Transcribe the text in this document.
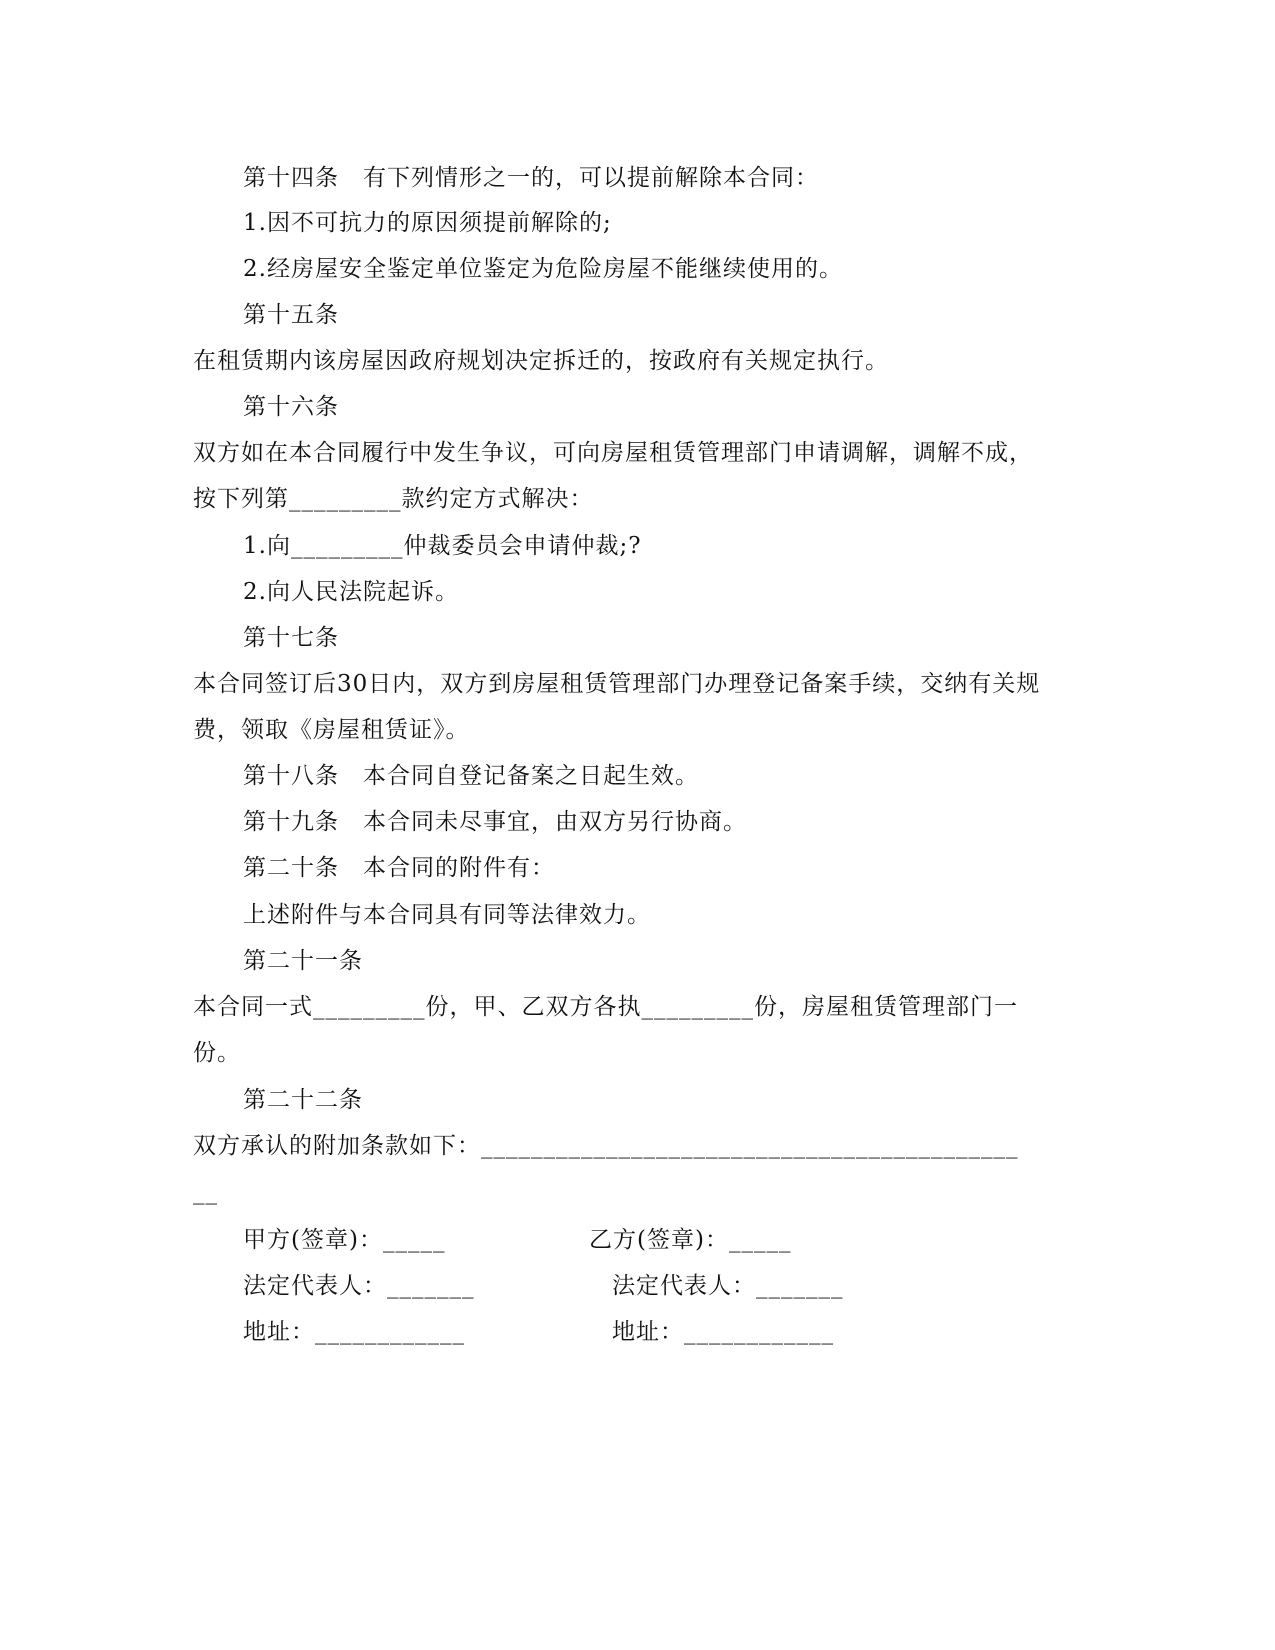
第十四条　有下列情形之一的，可以提前解除本合同：
1.因不可抗力的原因须提前解除的;
2.经房屋安全鉴定单位鉴定为危险房屋不能继续使用的。
第十五条
在租赁期内该房屋因政府规划决定拆迁的，按政府有关规定执行。
第十六条
双方如在本合同履行中发生争议，可向房屋租赁管理部门申请调解，调解不成，
按下列第_________款约定方式解决：
1.向_________仲裁委员会申请仲裁;?
2.向人民法院起诉。
第十七条
本合同签订后30日内，双方到房屋租赁管理部门办理登记备案手续，交纳有关规
费，领取《房屋租赁证》。
第十八条　本合同自登记备案之日起生效。
第十九条　本合同未尽事宜，由双方另行协商。
第二十条　本合同的附件有：
上述附件与本合同具有同等法律效力。
第二十一条
本合同一式_________份，甲、乙双方各执_________份，房屋租赁管理部门一
份。
第二十二条
双方承认的附加条款如下：___________________________________________
__
甲方(签章)：_____	乙方(签章)：_____
法定代表人：_______	法定代表人：_______
地址：____________	地址：____________
